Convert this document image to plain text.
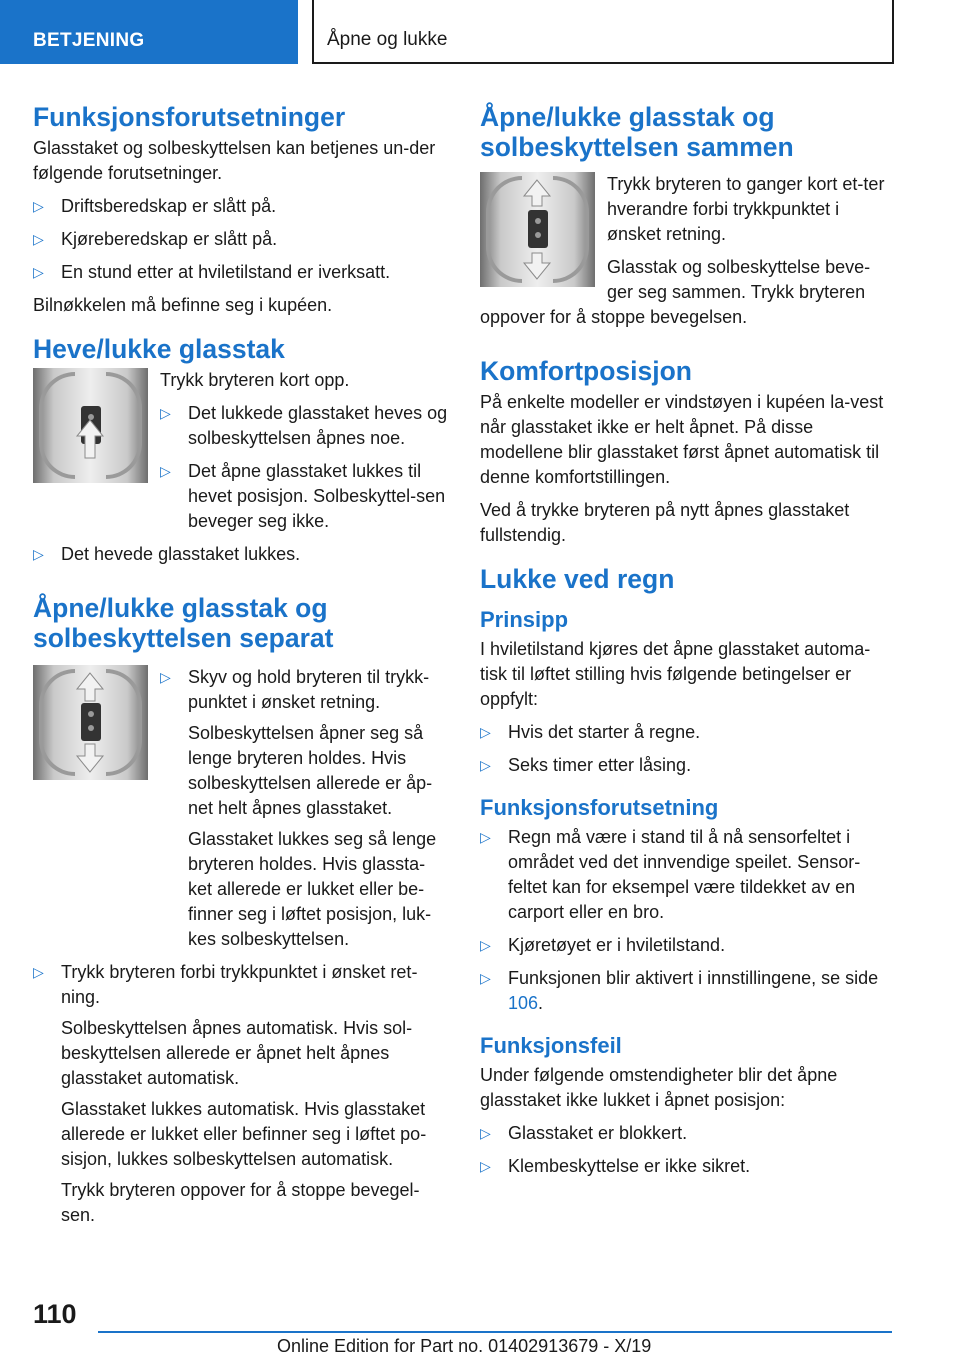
BETJENING	Åpne og lukke
Funksjonsforutsetninger

Glasstaket og solbeskyttelsen kan betjenes un-der følgende forutsetninger.

▷ Driftsberedskap er slått på.
▷ Kjøreberedskap er slått på.
▷ En stund etter at hviletilstand er iverksatt.

Bilnøkkelen må befinne seg i kupéen.

Heve/lukke glasstak

Trykk bryteren kort opp.

▷ Det lukkede glasstaket heves og solbeskyttelsen åpnes noe.
▷ Det åpne glasstaket lukkes til hevet posisjon. Solbeskyttel-sen beveger seg ikke.
▷ Det hevede glasstaket lukkes.
Åpne/lukke glasstak og solbeskyttelsen separat
▷ Skyv og hold bryteren til trykk-punktet i ønsket retning.

Solbeskyttelsen åpner seg så lenge bryteren holdes. Hvis solbeskyttelsen allerede er åp-net helt åpnes glasstaket.

Glasstaket lukkes seg så lenge bryteren holdes. Hvis glassta-ket allerede er lukket eller be-finner seg i løftet posisjon, luk-kes solbeskyttelsen.

▷ Trykk bryteren forbi trykkpunktet i ønsket ret-ning.

Solbeskyttelsen åpnes automatisk. Hvis sol-beskyttelsen allerede er åpnet helt åpnes glasstaket automatisk.

Glasstaket lukkes automatisk. Hvis glasstaket allerede er lukket eller befinner seg i løftet po-sisjon, lukkes solbeskyttelsen automatisk.

Trykk bryteren oppover for å stoppe bevegel-sen.

Åpne/lukke glasstak og solbeskyttelsen sammen

Trykk bryteren to ganger kort et-ter hverandre forbi trykkpunktet i ønsket retning.

Glasstak og solbeskyttelse beve-ger seg sammen. Trykk bryteren

oppover for å stoppe bevegelsen.

Komfortposisjon

På enkelte modeller er vindstøyen i kupéen la-vest når glasstaket ikke er helt åpnet. På disse modellene blir glasstaket først åpnet automatisk til denne komfortstillingen.

Ved å trykke bryteren på nytt åpnes glasstaket fullstendig.

Lukke ved regn
Prinsipp

I hviletilstand kjøres det åpne glasstaket automa-tisk til løftet stilling hvis følgende betingelser er oppfylt:

▷ Hvis det starter å regne.
▷ Seks timer etter låsing.
Funksjonsforutsetning
▷ Regn må være i stand til å nå sensorfeltet i området ved det innvendige speilet. Sensor-feltet kan for eksempel være tildekket av en carport eller en bro.
▷ Kjøretøyet er i hviletilstand.
▷ Funksjonen blir aktivert i innstillingene, se side 106.
Funksjonsfeil

Under følgende omstendigheter blir det åpne glasstaket ikke lukket i åpnet posisjon:

▷ Glasstaket er blokkert.
▷ Klembeskyttelse er ikke sikret.
110
Online Edition for Part no. 01402913679 - X/19
